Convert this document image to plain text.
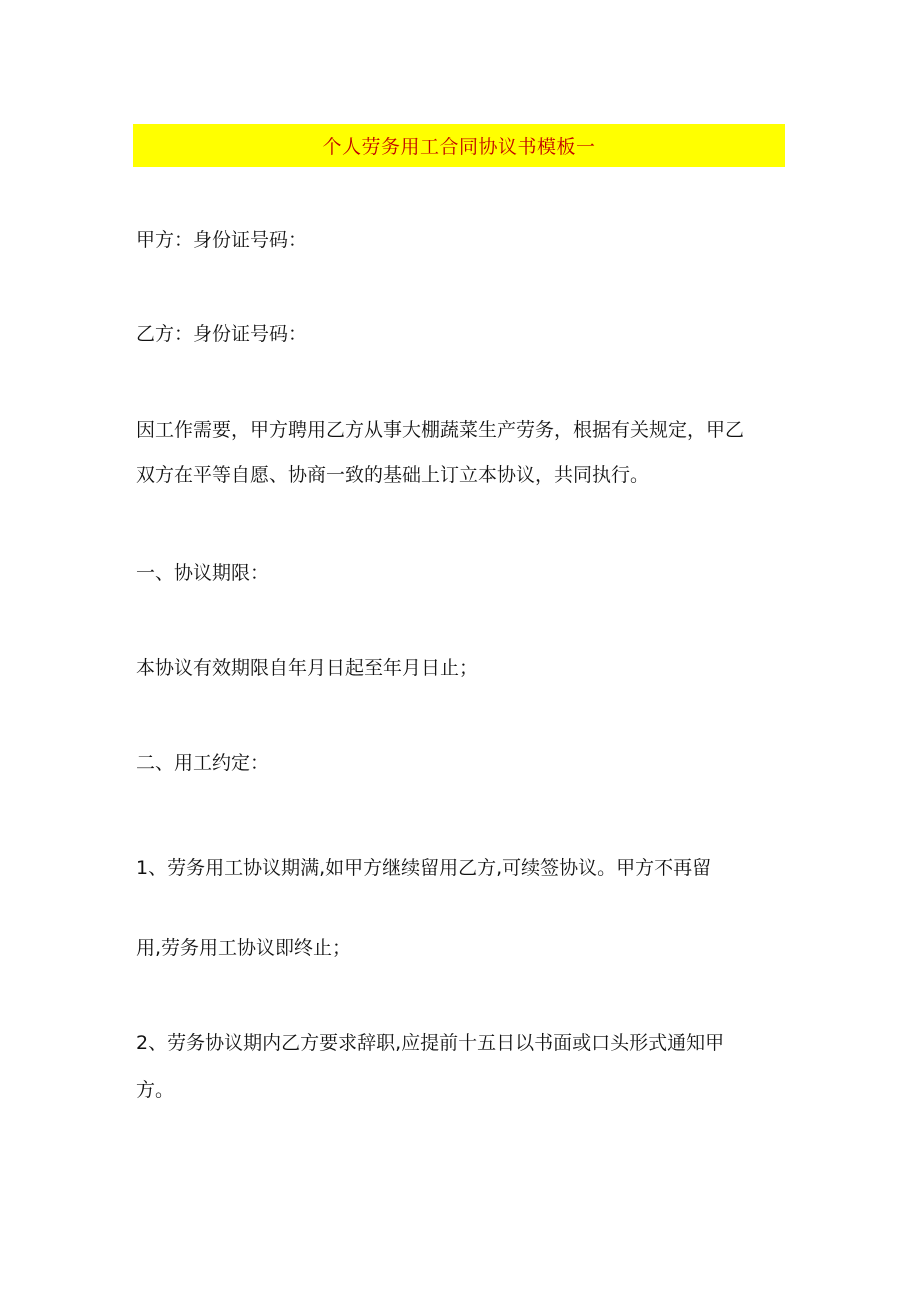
个人劳务用工合同协议书模板一
甲方：身份证号码：
乙方：身份证号码：
因工作需要，甲方聘用乙方从事大棚蔬菜生产劳务，根据有关规定，甲乙
双方在平等自愿、协商一致的基础上订立本协议，共同执行。
一、协议期限：
本协议有效期限自年月日起至年月日止；
二、用工约定：
1、劳务用工协议期满,如甲方继续留用乙方,可续签协议。甲方不再留
用,劳务用工协议即终止；
2、劳务协议期内乙方要求辞职,应提前十五日以书面或口头形式通知甲
方。
